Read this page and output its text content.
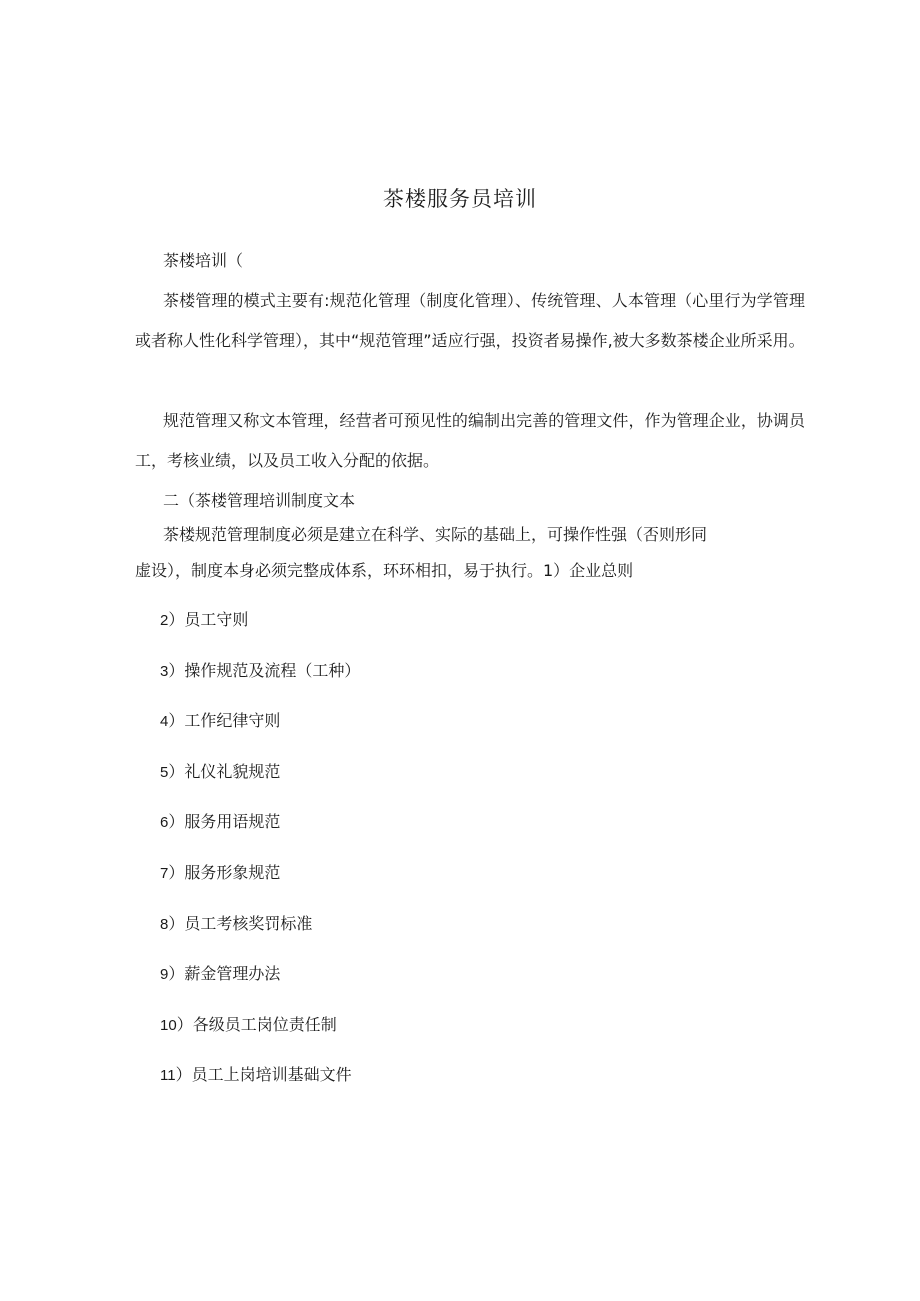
茶楼服务员培训
茶楼培训（
茶楼管理的模式主要有:规范化管理（制度化管理）、传统管理、人本管理（心里行为学管理或者称人性化科学管理），其中“规范管理”适应行强，投资者易操作,被大多数茶楼企业所采用。
规范管理又称文本管理，经营者可预见性的编制出完善的管理文件，作为管理企业，协调员工，考核业绩，以及员工收入分配的依据。
二（茶楼管理培训制度文本
茶楼规范管理制度必须是建立在科学、实际的基础上，可操作性强（否则形同
虚设），制度本身必须完整成体系，环环相扣，易于执行。1）企业总则
2）员工守则
3）操作规范及流程（工种）
4）工作纪律守则
5）礼仪礼貌规范
6）服务用语规范
7）服务形象规范
8）员工考核奖罚标准
9）薪金管理办法
10）各级员工岗位责任制
11）员工上岗培训基础文件
